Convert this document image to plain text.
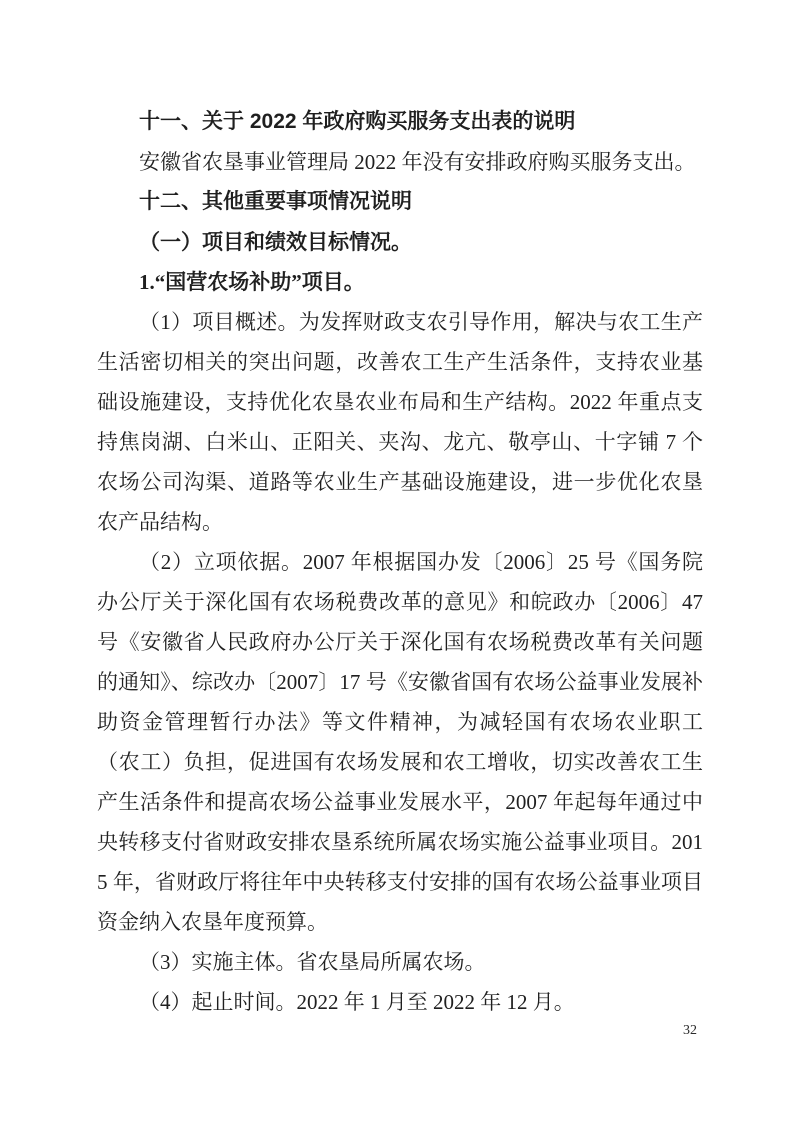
十一、关于 2022 年政府购买服务支出表的说明

安徽省农垦事业管理局 2022 年没有安排政府购买服务支出。

十二、其他重要事项情况说明

（一）项目和绩效目标情况。

1.“国营农场补助”项目。

（1）项目概述。为发挥财政支农引导作用，解决与农工生产生活密切相关的突出问题，改善农工生产生活条件，支持农业基础设施建设，支持优化农垦农业布局和生产结构。2022 年重点支持焦岗湖、白米山、正阳关、夹沟、龙亢、敬亭山、十字铺 7 个农场公司沟渠、道路等农业生产基础设施建设，进一步优化农垦农产品结构。

（2）立项依据。2007 年根据国办发〔2006〕25 号《国务院办公厅关于深化国有农场税费改革的意见》和皖政办〔2006〕47 号《安徽省人民政府办公厅关于深化国有农场税费改革有关问题的通知》、综改办〔2007〕17 号《安徽省国有农场公益事业发展补助资金管理暂行办法》等文件精神，为减轻国有农场农业职工（农工）负担，促进国有农场发展和农工增收，切实改善农工生产生活条件和提高农场公益事业发展水平，2007 年起每年通过中央转移支付省财政安排农垦系统所属农场实施公益事业项目。2015 年，省财政厅将往年中央转移支付安排的国有农场公益事业项目资金纳入农垦年度预算。

（3）实施主体。省农垦局所属农场。

（4）起止时间。2022 年 1 月至 2022 年 12 月。

32
